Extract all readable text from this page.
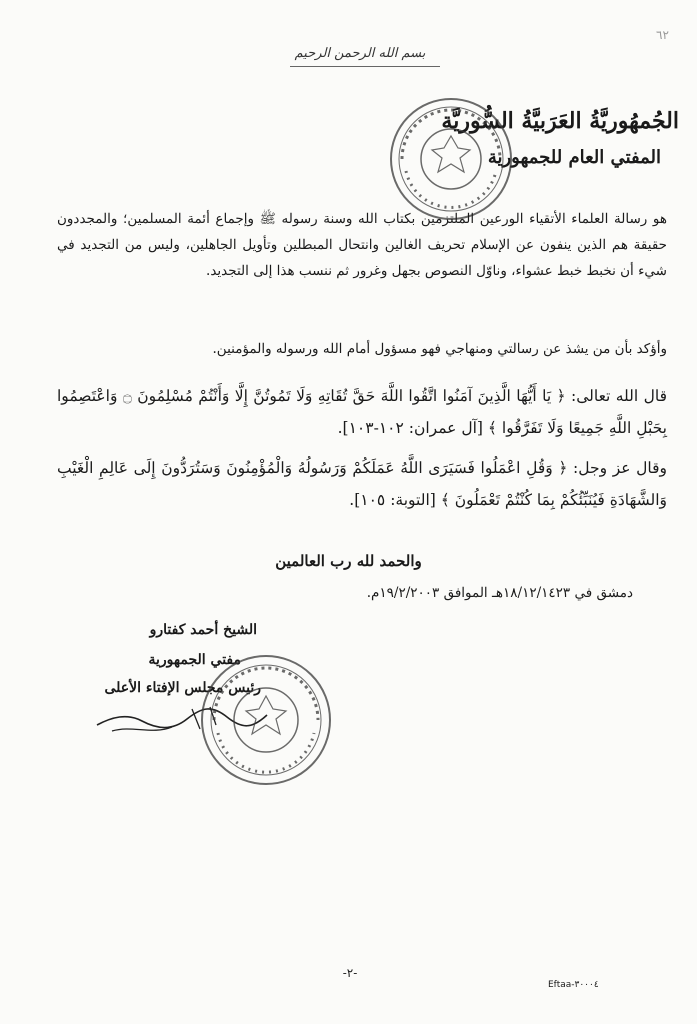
٦٢
بسم الله الرحمن الرحيم
الجُمهُوريَّةُ العَرَبيَّةُ السُّوريَّة
المفتي العام للجمهورية
هو رسالة العلماء الأتقياء الورعين الملتزمين بكتاب الله وسنة رسوله ﷺ وإجماع أئمة المسلمين؛ والمجددون حقيقة هم الذين ينفون عن الإسلام تحريف الغالين وانتحال المبطلين وتأويل الجاهلين، وليس من التجديد في شيء أن نخبط خبط عشواء، وناوّل النصوص بجهل وغرور ثم ننسب هذا إلى التجديد.
وأؤكد بأن من يشذ عن رسالتي ومنهاجي فهو مسؤول أمام الله ورسوله والمؤمنين.
قال الله تعالى: ﴿ يَا أَيُّهَا الَّذِينَ آمَنُوا اتَّقُوا اللَّهَ حَقَّ تُقَاتِهِ وَلَا تَمُوتُنَّ إِلَّا وَأَنْتُمْ مُسْلِمُونَ ۝ وَاعْتَصِمُوا بِحَبْلِ اللَّهِ جَمِيعًا وَلَا تَفَرَّقُوا ﴾ [آل عمران: ١٠٢-١٠٣].
وقال عز وجل: ﴿ وَقُلِ اعْمَلُوا فَسَيَرَى اللَّهُ عَمَلَكُمْ وَرَسُولُهُ وَالْمُؤْمِنُونَ وَسَتُرَدُّونَ إِلَى عَالِمِ الْغَيْبِ وَالشَّهَادَةِ فَيُنَبِّئُكُمْ بِمَا كُنْتُمْ تَعْمَلُونَ ﴾ [التوبة: ١٠٥].
والحمد لله رب العالمين
دمشق في ١٨/١٢/١٤٢٣هـ الموافق ١٩/٢/٢٠٠٣م.
الشيخ أحمد كفتارو
مفتي الجمهورية
رئيس مجلس الإفتاء الأعلى
-٢-
Eftaa-٣٠٠٠٤
